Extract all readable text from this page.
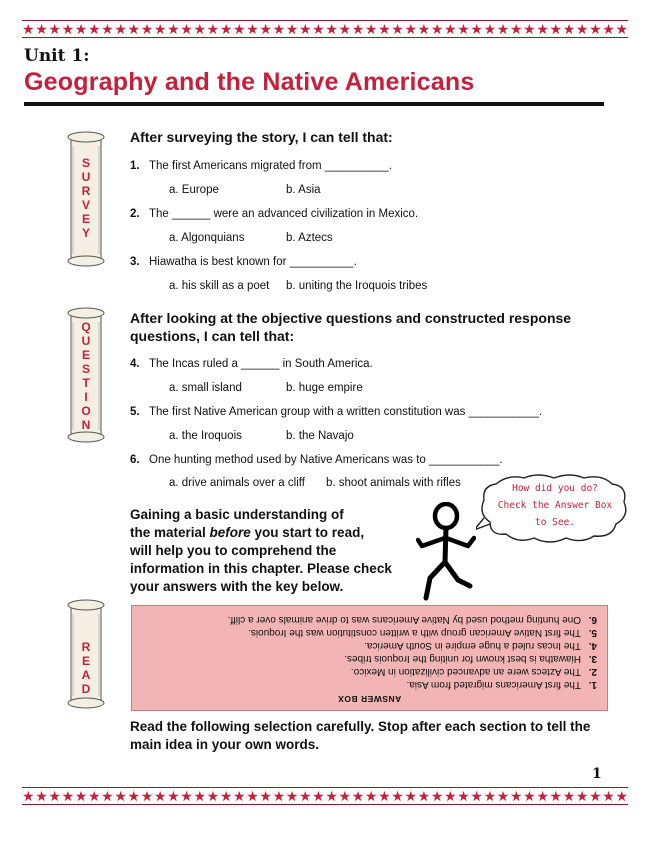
★ ★ ★ ★ ★ ★ ★ ★ ★ ★ ★ ★ ★ ★ ★ ★ ★ ★ ★ ★ ★ ★ ★ ★ ★ ★ ★ ★ ★ ★ ★ ★ ★ ★ ★ ★ ★ ★ ★ ★ ★ ★ ★ ★ ★ ★
Unit 1:
Geography and the Native Americans
S
U
R
V
E
Y
After surveying the story, I can tell that:
1. The first Americans migrated from __________.
a. Europe	b. Asia
2. The ______ were an advanced civilization in Mexico.
a. Algonquians	b. Aztecs
3. Hiawatha is best known for __________.
a. his skill as a poet b. uniting the Iroquois tribes
Q
U
E
S
T
I
O
N
After looking at the objective questions and constructed response questions, I can tell that:
4. The Incas ruled a ______ in South America.
a. small island	b. huge empire
5. The first Native American group with a written constitution was ___________.
a. the Iroquois	b. the Navajo
6. One hunting method used by Native Americans was to ___________.
a. drive animals over a cliff b. shoot animals with rifles	How did you do?
Check the Answer Box
to See.
Gaining a basic understanding of
the material before you start to read,
will help you to comprehend the
information in this chapter. Please check
your answers with the key below.
R
E
A
D
ANSWER BOX
1.The first Americans migrated from Asia.
2.The Aztecs were an advanced civilization in Mexico.
3.Hiawatha is best known for uniting the Iroquois tribes.
4.The Incas ruled a huge empire in South America.
5.The first Native American group with a written constitution was the Iroquois.
6.One hunting method used by Native Americans was to drive animals over a cliff.
Read the following selection carefully. Stop after each section to tell the main idea in your own words.
1
★ ★ ★ ★ ★ ★ ★ ★ ★ ★ ★ ★ ★ ★ ★ ★ ★ ★ ★ ★ ★ ★ ★ ★ ★ ★ ★ ★ ★ ★ ★ ★ ★ ★ ★ ★ ★ ★ ★ ★ ★ ★ ★ ★ ★ ★
